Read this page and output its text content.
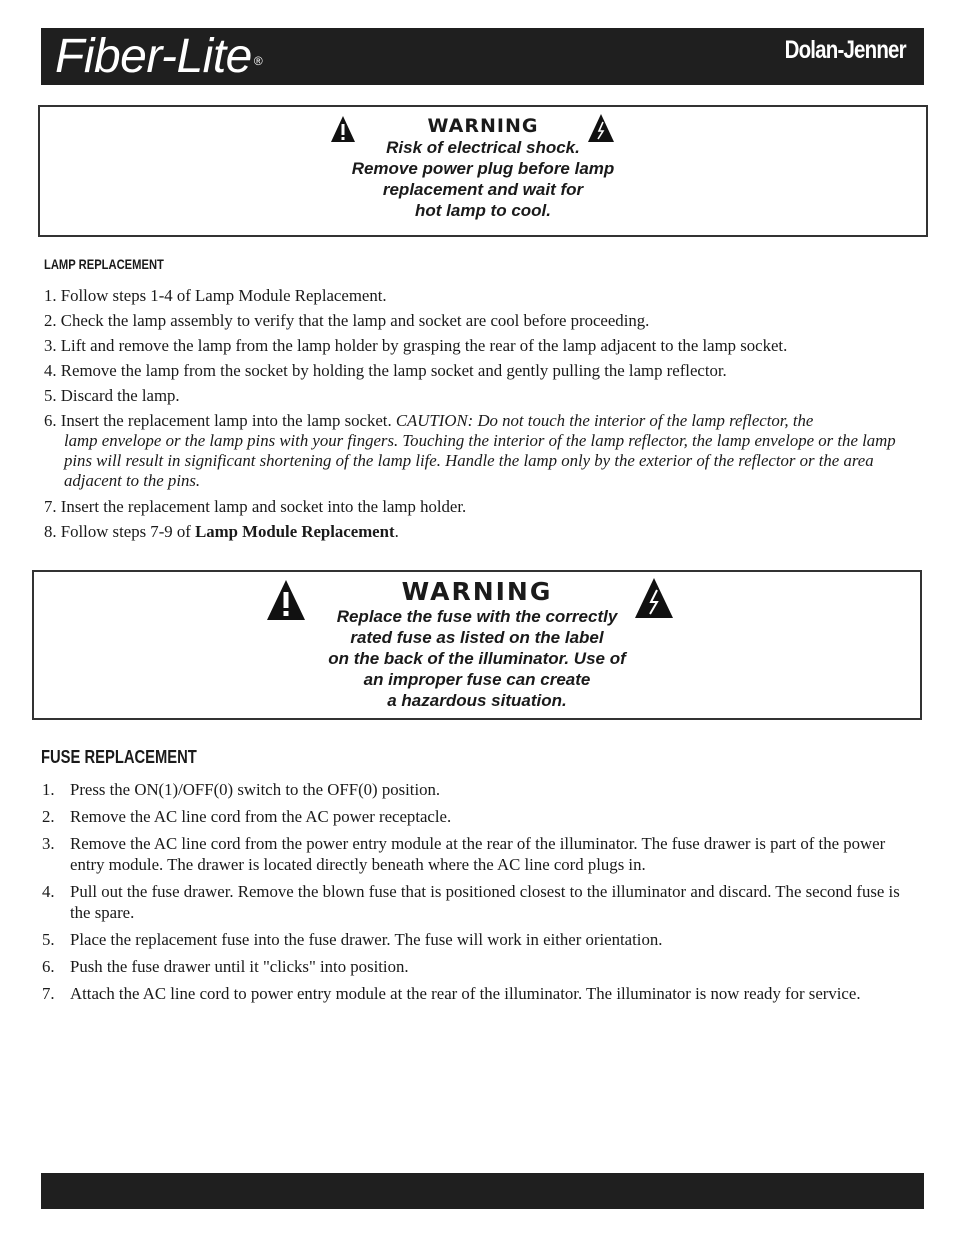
Fiber-Lite ®	Dolan-Jenner
WARNING
Risk of electrical shock.
Remove power plug before lamp
replacement and wait for
hot lamp to cool.
LAMP REPLACEMENT
1. Follow steps 1-4 of Lamp Module Replacement.
2. Check the lamp assembly to verify that the lamp and socket are cool before proceeding.
3. Lift and remove the lamp from the lamp holder by grasping the rear of the lamp adjacent to the lamp socket.
4. Remove the lamp from the socket by holding the lamp socket and gently pulling the lamp reflector.
5. Discard the lamp.
6. Insert the replacement lamp into the lamp socket. CAUTION: Do not touch the interior of the lamp reflector, the
lamp envelope or the lamp pins with your fingers. Touching the interior of the lamp reflector, the lamp envelope or the lamp pins will result in significant shortening of the lamp life. Handle the lamp only by the exterior of the reflector or the area adjacent to the pins.
7. Insert the replacement lamp and socket into the lamp holder.
8. Follow steps 7-9 of Lamp Module Replacement.
WARNING
Replace the fuse with the correctly
rated fuse as listed on the label
on the back of the illuminator. Use of
an improper fuse can create
a hazardous situation.
FUSE REPLACEMENT
1. Press the ON(1)/OFF(0) switch to the OFF(0) position.
2. Remove the AC line cord from the AC power receptacle.
3. Remove the AC line cord from the power entry module at the rear of the illuminator. The fuse drawer is part of the power entry module. The drawer is located directly beneath where the AC line cord plugs in.
4. Pull out the fuse drawer. Remove the blown fuse that is positioned closest to the illuminator and discard. The second fuse is the spare.
5. Place the replacement fuse into the fuse drawer. The fuse will work in either orientation.
6. Push the fuse drawer until it "clicks" into position.
7. Attach the AC line cord to power entry module at the rear of the illuminator. The illuminator is now ready for service.
